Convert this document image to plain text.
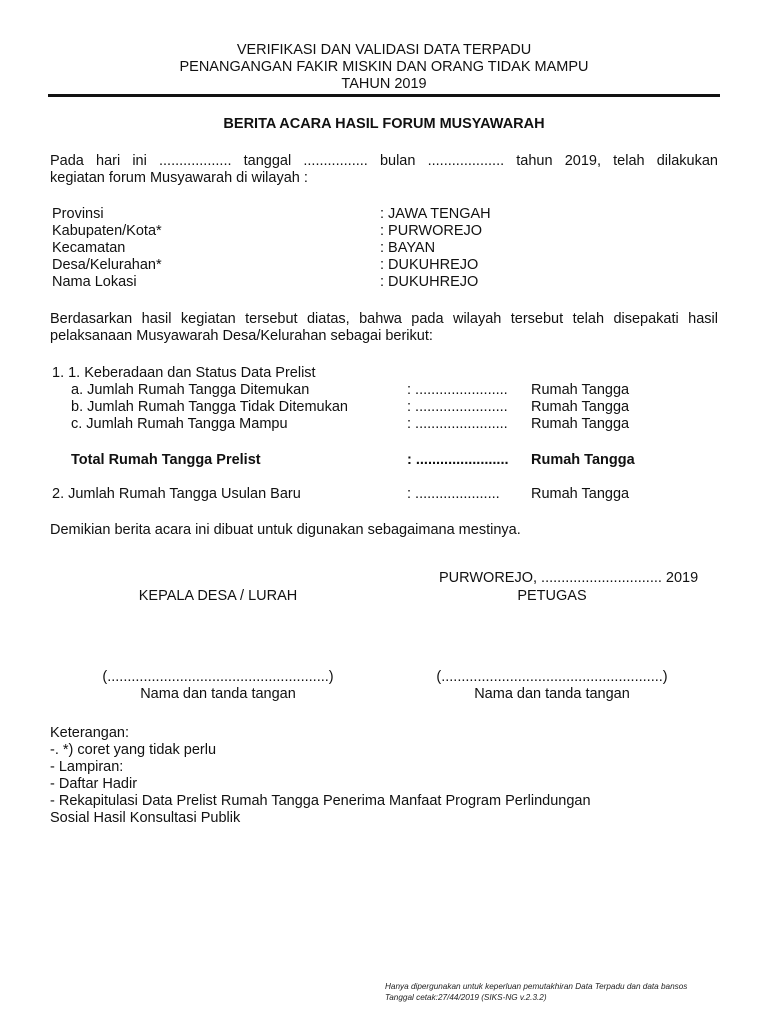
VERIFIKASI DAN VALIDASI DATA TERPADU
PENANGANGAN FAKIR MISKIN DAN ORANG TIDAK MAMPU
TAHUN 2019
BERITA ACARA HASIL FORUM MUSYAWARAH
Pada hari ini .................. tanggal ................ bulan ................... tahun 2019, telah dilakukan
kegiatan forum Musyawarah di wilayah :
Provinsi	: JAWA TENGAH
Kabupaten/Kota*	: PURWOREJO
Kecamatan	: BAYAN
Desa/Kelurahan*	: DUKUHREJO
Nama Lokasi	: DUKUHREJO
Berdasarkan hasil kegiatan tersebut diatas, bahwa pada wilayah tersebut telah disepakati hasil
pelaksanaan Musyawarah Desa/Kelurahan sebagai berikut:
1. 1. Keberadaan dan Status Data Prelist
a. Jumlah Rumah Tangga Ditemukan	: ....................... Rumah Tangga
b. Jumlah Rumah Tangga Tidak Ditemukan	: ....................... Rumah Tangga
c. Jumlah Rumah Tangga Mampu	: ....................... Rumah Tangga
Total Rumah Tangga Prelist	: ....................... Rumah Tangga
2. Jumlah Rumah Tangga Usulan Baru	: ..................... Rumah Tangga
Demikian berita acara ini dibuat untuk digunakan sebagaimana mestinya.
PURWOREJO, .............................. 2019
KEPALA DESA / LURAH	PETUGAS
(.......................................................)	(.......................................................)
Nama dan tanda tangan	Nama dan tanda tangan
Keterangan:
-. *) coret yang tidak perlu
- Lampiran:
- Daftar Hadir
- Rekapitulasi Data Prelist Rumah Tangga Penerima Manfaat Program Perlindungan
Sosial Hasil Konsultasi Publik
Hanya dipergunakan untuk keperluan pemutakhiran Data Terpadu dan data bansos
Tanggal cetak:27/44/2019 (SIKS-NG v.2.3.2)
